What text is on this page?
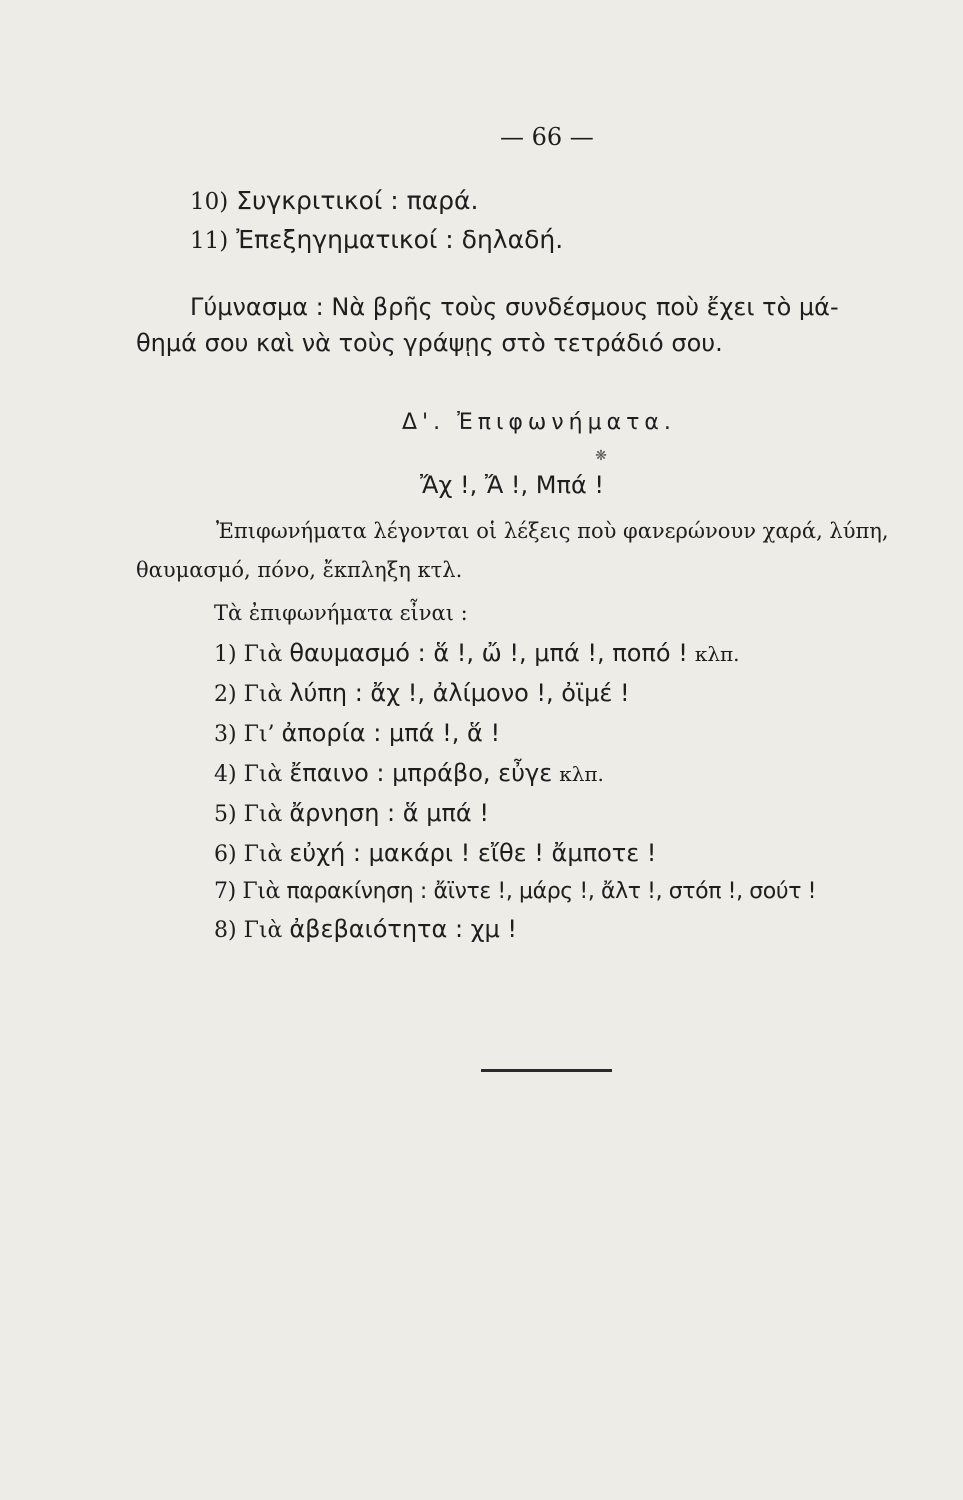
— 66 —
10) Συγκριτικοί : παρά.
11) Ἐπεξηγηματικοί : δηλαδή.
Γύμνασμα : Νὰ βρῆς τοὺς συνδέσμους ποὺ ἔχει τὸ μά-
θημά σου καὶ νὰ τοὺς γράψῃς στὸ τετράδιό σου.
Δ'. Ἐπιφωνήματα.
❋
Ἄχ !, Ἄ !, Μπά !
Ἐπιφωνήματα λέγονται οἱ λέξεις ποὺ φανερώνουν χαρά, λύπη,
θαυμασμό, πόνο, ἔκπληξη κτλ.
Τὰ ἐπιφωνήματα εἶναι :
1) Γιὰ θαυμασμό : ἅ !, ὤ !, μπά !, ποπό ! κλπ.
2) Γιὰ λύπη : ἄχ !, ἀλίμονο !, ὀϊμέ !
3) Γι’ ἀπορία : μπά !, ἅ !
4) Γιὰ ἔπαινο : μπράβο, εὖγε κλπ.
5) Γιὰ ἄρνηση : ἅ μπά !
6) Γιὰ εὐχή : μακάρι ! εἴθε ! ἄμποτε !
7) Γιὰ παρακίνηση : ἄϊντε !, μάρς !, ἄλτ !, στόπ !, σούτ !
8) Γιὰ ἀβεβαιότητα : χμ !
